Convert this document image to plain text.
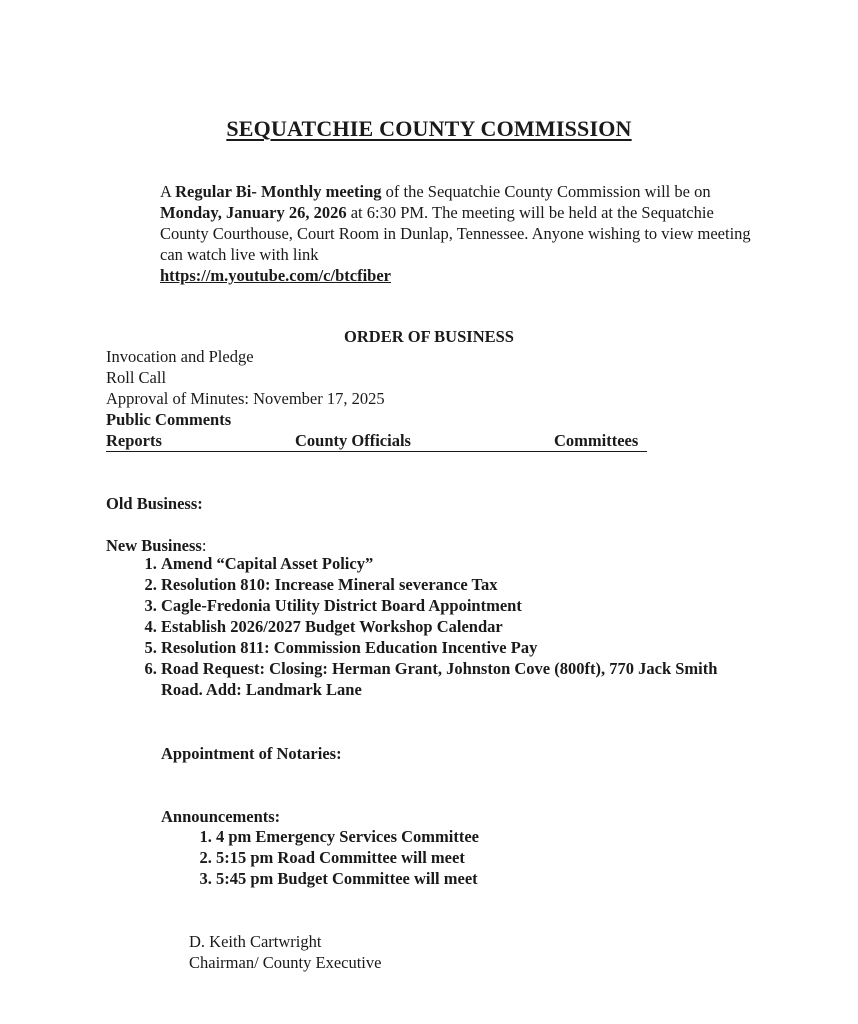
SEQUATCHIE COUNTY COMMISSION
A Regular Bi- Monthly meeting of the Sequatchie County Commission will be on Monday, January 26, 2026 at 6:30 PM. The meeting will be held at the Sequatchie County Courthouse, Court Room in Dunlap, Tennessee. Anyone wishing to view meeting can watch live with link
https://m.youtube.com/c/btcfiber
ORDER OF BUSINESS
Invocation and Pledge
Roll Call
Approval of Minutes: November 17, 2025
Public Comments
Reports	County Officials	Committees
Old Business:
New Business:
1. Amend “Capital Asset Policy”
2. Resolution 810: Increase Mineral severance Tax
3. Cagle-Fredonia Utility District Board Appointment
4. Establish 2026/2027 Budget Workshop Calendar
5. Resolution 811: Commission Education Incentive Pay
6. Road Request: Closing: Herman Grant, Johnston Cove (800ft), 770 Jack Smith Road. Add: Landmark Lane
Appointment of Notaries:
Announcements:
1. 4 pm Emergency Services Committee
2. 5:15 pm Road Committee will meet
3. 5:45 pm Budget Committee will meet
D. Keith Cartwright
Chairman/ County Executive
